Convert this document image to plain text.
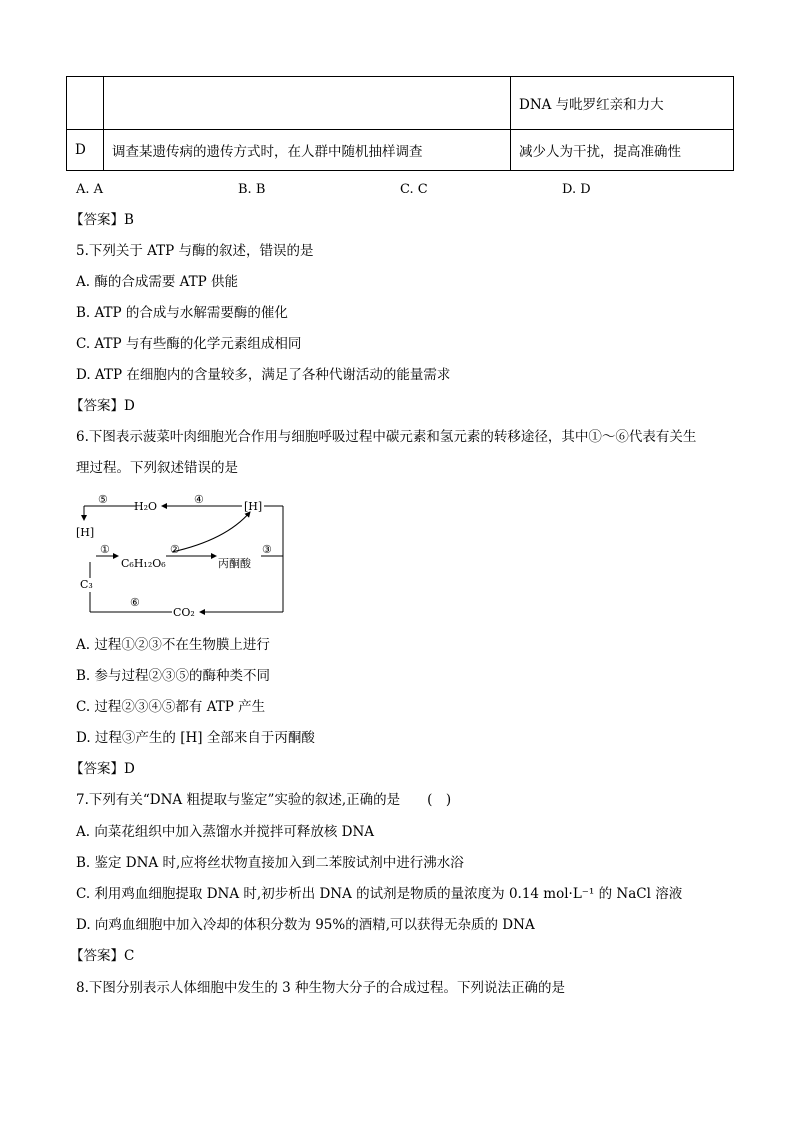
		DNA 与吡罗红亲和力大
D	调查某遗传病的遗传方式时，在人群中随机抽样调查	减少人为干扰，提高准确性
A. A	B. B	C. C	D. D
【答案】B
5.下列关于 ATP 与酶的叙述，错误的是
A. 酶的合成需要 ATP 供能
B. ATP 的合成与水解需要酶的催化
C. ATP 与有些酶的化学元素组成相同
D. ATP 在细胞内的含量较多，满足了各种代谢活动的能量需求
【答案】D
6.下图表示菠菜叶肉细胞光合作用与细胞呼吸过程中碳元素和氢元素的转移途径，其中①～⑥代表有关生
理过程。下列叙述错误的是
⑤
H₂O
④
[H]
[H]
①
C₆H₁₂O₆
②
丙酮酸
③
C₃
⑥
CO₂
A. 过程①②③不在生物膜上进行
B. 参与过程②③⑤的酶种类不同
C. 过程②③④⑤都有 ATP 产生
D. 过程③产生的 [H] 全部来自于丙酮酸
【答案】D
7.下列有关“DNA 粗提取与鉴定”实验的叙述,正确的是　　(　)
A. 向菜花组织中加入蒸馏水并搅拌可释放核 DNA
B. 鉴定 DNA 时,应将丝状物直接加入到二苯胺试剂中进行沸水浴
C. 利用鸡血细胞提取 DNA 时,初步析出 DNA 的试剂是物质的量浓度为 0.14 mol·L⁻¹ 的 NaCl 溶液
D. 向鸡血细胞中加入冷却的体积分数为 95%的酒精,可以获得无杂质的 DNA
【答案】C
8.下图分别表示人体细胞中发生的 3 种生物大分子的合成过程。下列说法正确的是
